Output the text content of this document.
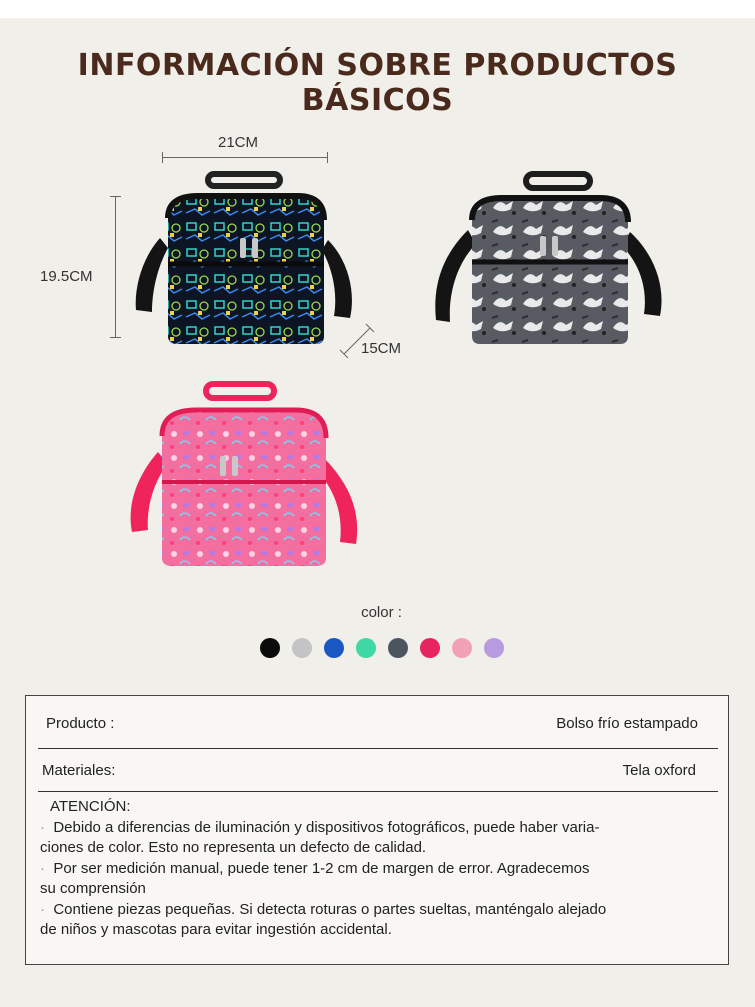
INFORMACIÓN SOBRE PRODUCTOS BÁSICOS
21CM
19.5CM
15CM
color :
Producto :	Bolso frío estampado
Materiales:	Tela oxford
ATENCIÓN:
·  Debido a diferencias de iluminación y dispositivos fotográficos, puede haber varia-
ciones de color. Esto no representa un defecto de calidad.
·  Por ser medición manual, puede tener 1-2 cm de margen de error. Agradecemos
su comprensión
·  Contiene piezas pequeñas. Si detecta roturas o partes sueltas, manténgalo alejado
de niños y mascotas para evitar ingestión accidental.
